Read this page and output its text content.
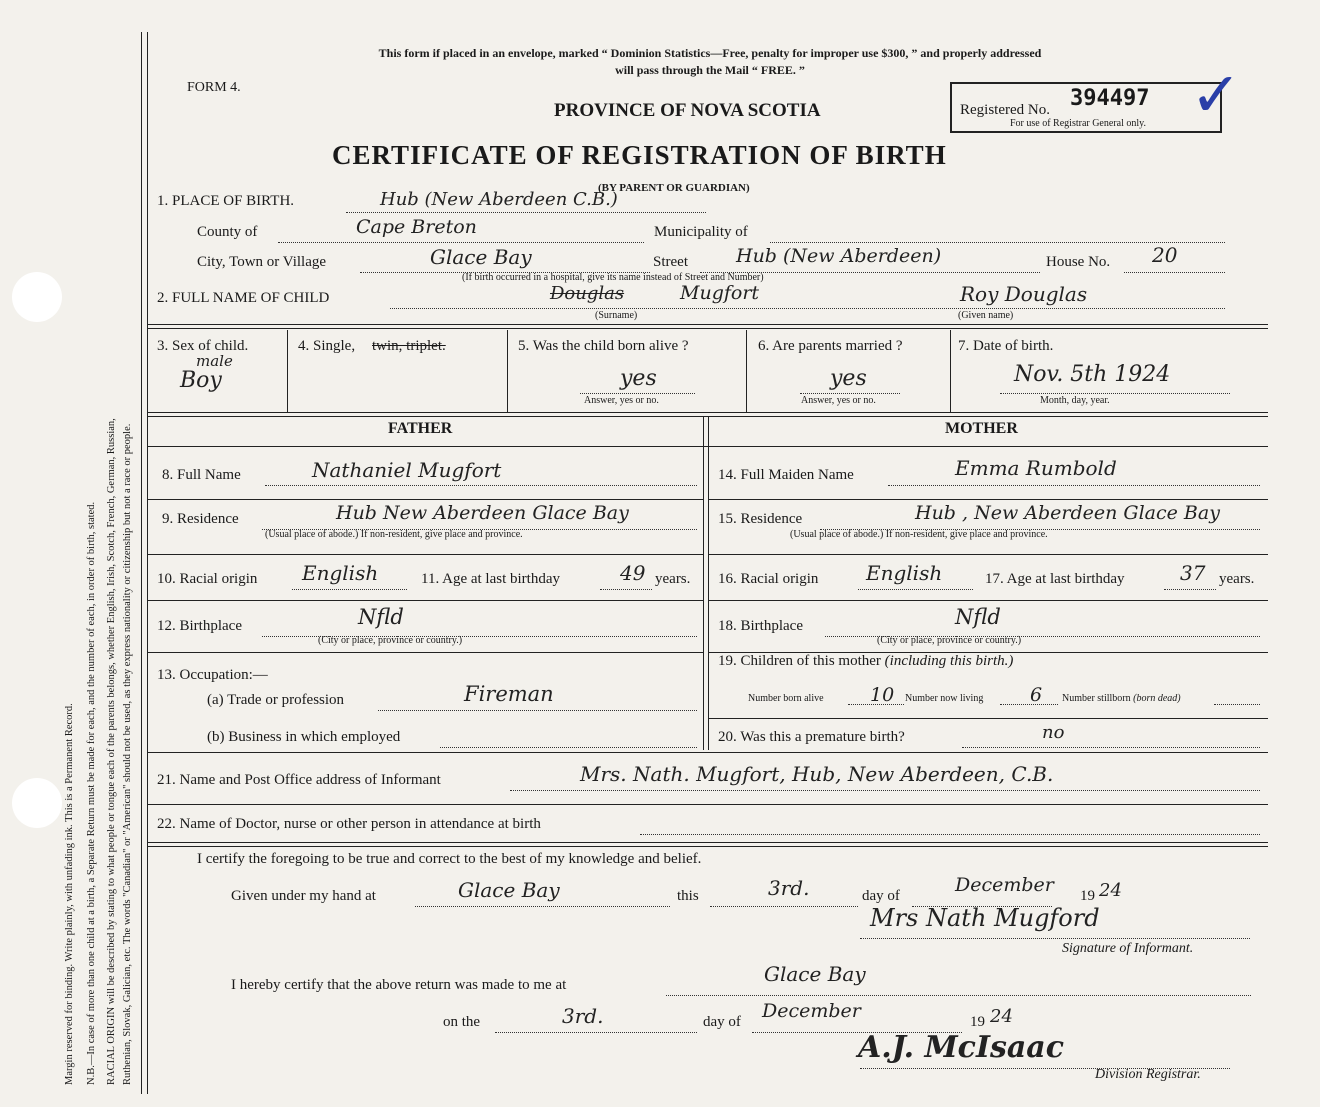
Margin reserved for binding. Write plainly, with unfading ink. This is a Permanent Record. N.B.—In case of more than one child at a birth, a Separate Return must be made for each, and the number of each, in order of birth, stated. RACIAL ORIGIN will be described by stating to what people or tongue each of the parents belongs, whether English, Irish, Scotch, French, German, Russian, Ruthenian, Slovak, Galician, etc. The words "Canadian" or "American" should not be used, as they express nationality or citizenship but not a race or people.
This form if placed in an envelope, marked “ Dominion Statistics—Free, penalty for improper use $300, ” and properly addressed
will pass through the Mail “ FREE. ”
FORM 4.
PROVINCE OF NOVA SCOTIA
CERTIFICATE OF REGISTRATION OF BIRTH
(BY PARENT OR GUARDIAN)
Registered No. 394497
For use of Registrar General only. ✓
1. PLACE OF BIRTH.	Hub (New Aberdeen C.B.)
County of	Cape Breton	Municipality of
City, Town or Village	Glace Bay	Street	Hub (New Aberdeen)	House No. 20
(If birth occurred in a hospital, give its name instead of Street and Number)
2. FULL NAME OF CHILD	Douglas	Mugfort
(Surname)
Roy Douglas
(Given name)
3. Sex of child.
male
Boy
4. Single, twin, triplet.	5. Was the child born alive ?
yes
Answer, yes or no.
6. Are parents married ?
yes
Answer, yes or no.
7. Date of birth.
Nov. 5th 1924
Month, day, year.
FATHER	MOTHER
8. Full Name	Nathaniel Mugfort
9. Residence	Hub New Aberdeen Glace Bay
(Usual place of abode.) If non-resident, give place and province.
10. Racial origin English	11. Age at last birthday	49 years.
12. Birthplace	Nfld
(City or place, province or country.)
13. Occupation:—
(a) Trade or profession	Fireman
(b) Business in which employed
14. Full Maiden Name	Emma Rumbold
15. Residence	Hub , New Aberdeen Glace Bay
(Usual place of abode.) If non-resident, give place and province.
16. Racial origin English	17. Age at last birthday	37 years.
18. Birthplace	Nfld
(City or place, province or country.)
19. Children of this mother (including this birth.)
Number born alive 10 Number now living 6 Number stillborn (born dead)
20. Was this a premature birth?	no
21. Name and Post Office address of Informant	Mrs. Nath. Mugfort, Hub, New Aberdeen, C.B.
22. Name of Doctor, nurse or other person in attendance at birth
I certify the foregoing to be true and correct to the best of my knowledge and belief.
Given under my hand at	Glace Bay	this	3rd.	day of	December 19 24
Mrs Nath Mugford
Signature of Informant.
I hereby certify that the above return was made to me at	Glace Bay
on the	3rd.	day of December	19 24
A.J. McIsaac
Division Registrar.
